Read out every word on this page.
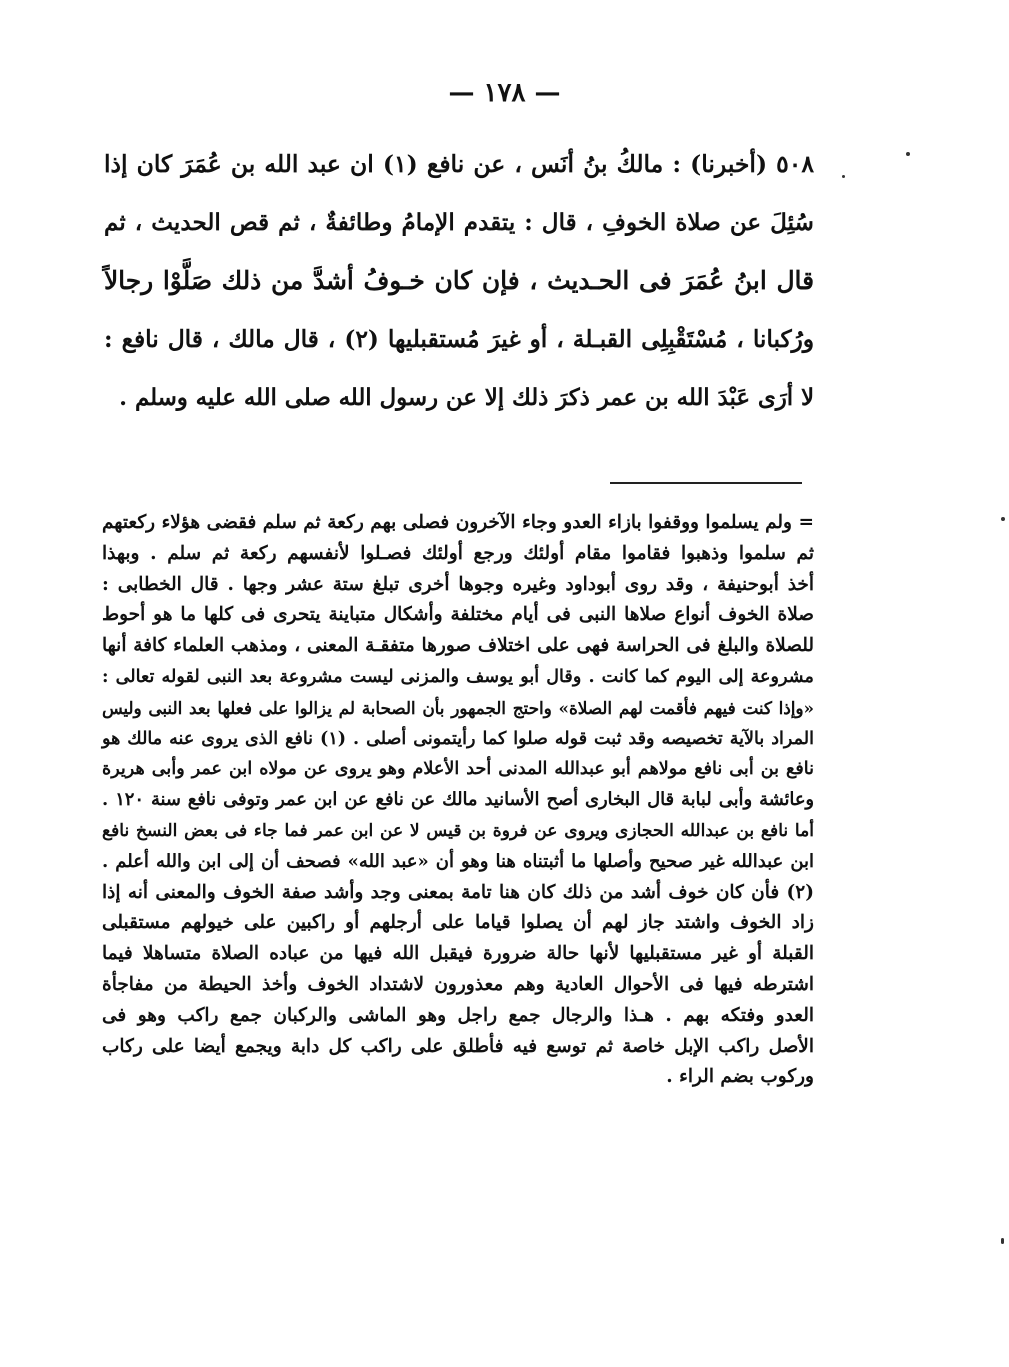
— ١٧٨ —
٥٠٨ (أخبرنا) : مالكُ بنُ أنَس ، عن نافع (١) ان عبد الله بن عُمَرَ كان إذا
سُئِلَ عن صلاة الخوفِ ، قال : يتقدم الإمامُ وطائفةٌ ، ثم قص الحديث ، ثم
قال ابنُ عُمَرَ فى الحـديث ، فإن كان خـوفُ أشدَّ من ذلك صَلَّوْا رجالاً
ورُكبانا ، مُسْتَقْبِلِى القبـلة ، أو غيرَ مُستقبليها (٢) ، قال مالك ، قال نافع :
لا أرَى عَبْدَ الله بن عمر ذكرَ ذلك إلا عن رسول الله صلى الله عليه وسلم .
= ولم يسلموا ووقفوا بازاء العدو وجاء الآخرون فصلى بهم ركعة ثم سلم فقضى هؤلاء ركعتهم
ثم سلموا وذهبوا فقاموا مقام أولئك ورجع أولئك فصـلوا لأنفسهم ركعة ثم سلم . وبهذا
أخذ أبوحنيفة ، وقد روى أبوداود وغيره وجوها أخرى تبلغ ستة عشر وجها . قال الخطابى :
صلاة الخوف أنواع صلاها النبى فى أيام مختلفة وأشكال متباينة يتحرى فى كلها ما هو أحوط
للصلاة والبلغ فى الحراسة فهى على اختلاف صورها متفقـة المعنى ، ومذهب العلماء كافة أنها
مشروعة إلى اليوم كما كانت . وقال أبو يوسف والمزنى ليست مشروعة بعد النبى لقوله تعالى :
«وإذا كنت فيهم فأقمت لهم الصلاة» واحتج الجمهور بأن الصحابة لم يزالوا على فعلها بعد النبى وليس
المراد بالآية تخصيصه وقد ثبت قوله صلوا كما رأيتمونى أصلى . (١) نافع الذى يروى عنه مالك هو
نافع بن أبى نافع مولاهم أبو عبدالله المدنى أحد الأعلام وهو يروى عن مولاه ابن عمر وأبى هريرة
وعائشة وأبى لبابة قال البخارى أصح الأسانيد مالك عن نافع عن ابن عمر وتوفى نافع سنة ١٢٠ .
أما نافع بن عبدالله الحجازى ويروى عن فروة بن قيس لا عن ابن عمر فما جاء فى بعض النسخ نافع
ابن عبدالله غير صحيح وأصلها ما أثبتناه هنا وهو أن «عبد الله» فصحف أن إلى ابن والله أعلم .
(٢) فأن كان خوف أشد من ذلك كان هنا تامة بمعنى وجد وأشد صفة الخوف والمعنى أنه إذا
زاد الخوف واشتد جاز لهم أن يصلوا قياما على أرجلهم أو راكبين على خيولهم مستقبلى
القبلة أو غير مستقبليها لأنها حالة ضرورة فيقبل الله فيها من عباده الصلاة متساهلا فيما
اشترطه فيها فى الأحوال العادية وهم معذورون لاشتداد الخوف وأخذ الحيطة من مفاجأة
العدو وفتكه بهم . هـذا والرجال جمع راجل وهو الماشى والركبان جمع راكب وهو فى
الأصل راكب الإبل خاصة ثم توسع فيه فأطلق على راكب كل دابة ويجمع أيضا على ركاب
وركوب بضم الراء .
